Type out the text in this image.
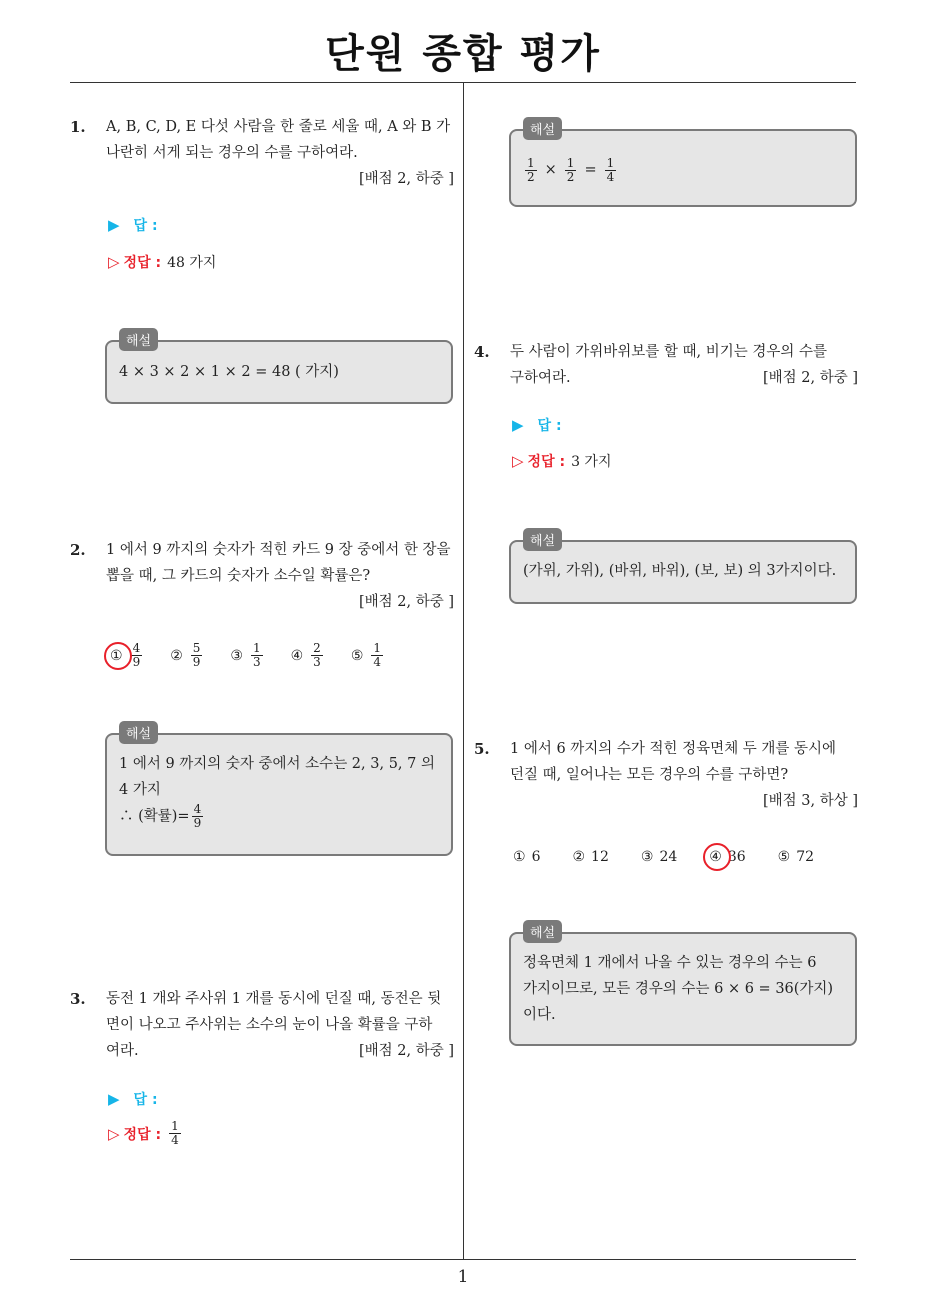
단원 종합 평가
1
1. A, B, C, D, E 다섯 사람을 한 줄로 세울 때, A 와 B 가
나란히 서게 되는 경우의 수를 구하여라.
[배점 2, 하중 ]
▶ 답 :
▷ 정답 : 48 가지
4 × 3 × 2 × 1 × 2 = 48 ( 가지)
해설
2. 1 에서 9 까지의 숫자가 적힌 카드 9 장 중에서 한 장을
뽑을 때, 그 카드의 숫자가 소수일 확률은?
[배점 2, 하중 ]
① $\frac{4}{9}$ ② $\frac{5}{9}$ ③ $\frac{1}{3}$ ④ $\frac{2}{3}$ ⑤ $\frac{1}{4}$
1 에서 9 까지의 숫자 중에서 소수는 2, 3, 5, 7 의
4 가지
∴ (확률)= $\frac{4}{9}$
해설
3. 동전 1 개와 주사위 1 개를 동시에 던질 때, 동전은 뒷
면이 나오고 주사위는 소수의 눈이 나올 확률을 구하
여라.	[배점 2, 하중 ]
▶ 답 :
▷ 정답 : $\frac{1}{4}$
$\frac{1}{2} \times \frac{1}{2} = \frac{1}{4}$
해설
4. 두 사람이 가위바위보를 할 때, 비기는 경우의 수를
구하여라.	[배점 2, 하중 ]
▶ 답 :
▷ 정답 : 3 가지
(가위, 가위), (바위, 바위), (보, 보) 의 3가지이다.
해설
5. 1 에서 6 까지의 수가 적힌 정육면체 두 개를 동시에
던질 때, 일어나는 모든 경우의 수를 구하면?
[배점 3, 하상 ]
① 6 ② 12 ③ 24 ④ 36 ⑤ 72
정육면체 1 개에서 나올 수 있는 경우의 수는 6
가지이므로, 모든 경우의 수는 6 × 6 = 36(가지)
이다.
해설
